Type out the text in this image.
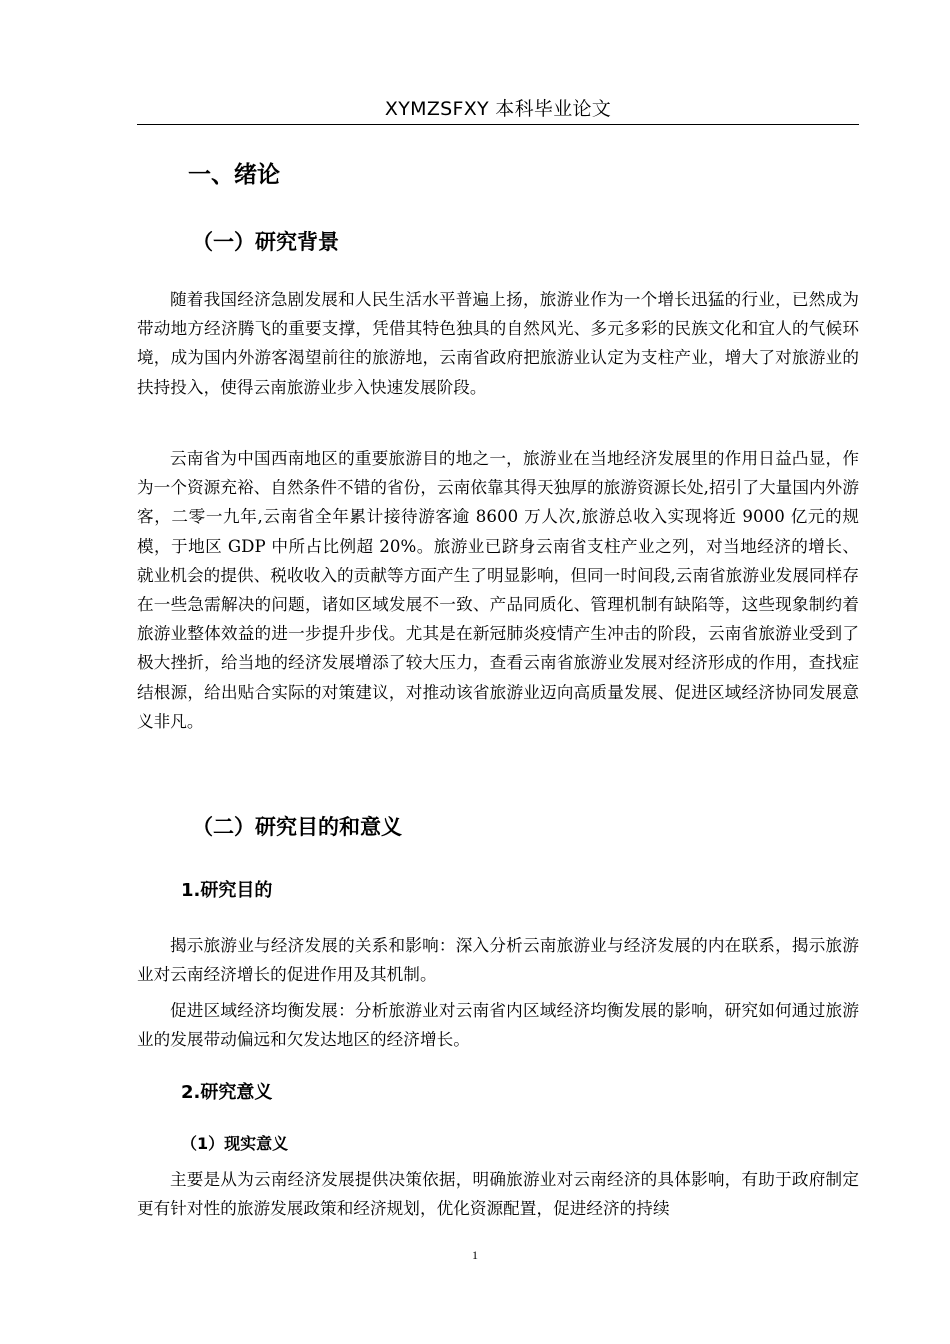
XYMZSFXY 本科毕业论文
一、绪论
（一）研究背景

随着我国经济急剧发展和人民生活水平普遍上扬，旅游业作为一个增长迅猛的行业，已然成为带动地方经济腾飞的重要支撑，凭借其特色独具的自然风光、多元多彩的民族文化和宜人的气候环境，成为国内外游客渴望前往的旅游地，云南省政府把旅游业认定为支柱产业，增大了对旅游业的扶持投入，使得云南旅游业步入快速发展阶段。

云南省为中国西南地区的重要旅游目的地之一，旅游业在当地经济发展里的作用日益凸显，作为一个资源充裕、自然条件不错的省份，云南依靠其得天独厚的旅游资源长处,招引了大量国内外游客，二零一九年,云南省全年累计接待游客逾 8600 万人次,旅游总收入实现将近 9000 亿元的规模，于地区 GDP 中所占比例超 20%。旅游业已跻身云南省支柱产业之列，对当地经济的增长、就业机会的提供、税收收入的贡献等方面产生了明显影响，但同一时间段,云南省旅游业发展同样存在一些急需解决的问题，诸如区域发展不一致、产品同质化、管理机制有缺陷等，这些现象制约着旅游业整体效益的进一步提升步伐。尤其是在新冠肺炎疫情产生冲击的阶段，云南省旅游业受到了极大挫折，给当地的经济发展增添了较大压力，查看云南省旅游业发展对经济形成的作用，查找症结根源，给出贴合实际的对策建议，对推动该省旅游业迈向高质量发展、促进区域经济协同发展意义非凡。

（二）研究目的和意义
1.研究目的

揭示旅游业与经济发展的关系和影响：深入分析云南旅游业与经济发展的内在联系，揭示旅游业对云南经济增长的促进作用及其机制。

促进区域经济均衡发展：分析旅游业对云南省内区域经济均衡发展的影响，研究如何通过旅游业的发展带动偏远和欠发达地区的经济增长。

2.研究意义
（1）现实意义

主要是从为云南经济发展提供决策依据，明确旅游业对云南经济的具体影响，有助于政府制定更有针对性的旅游发展政策和经济规划，优化资源配置，促进经济的持续

1
